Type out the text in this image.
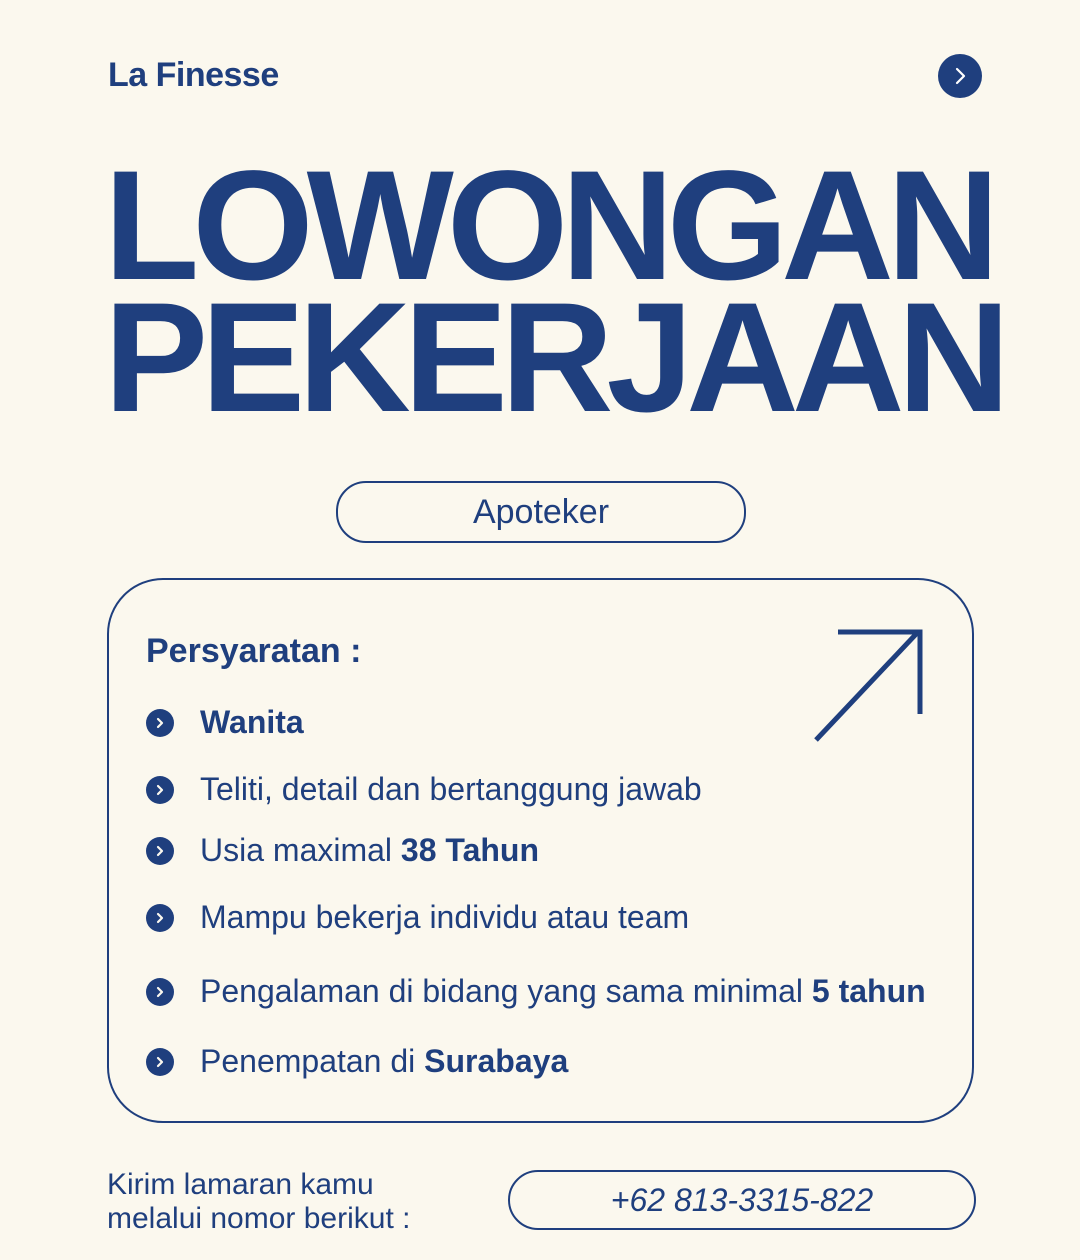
La Finesse
LOWONGAN
PEKERJAAN
Apoteker
Persyaratan :
Wanita
Teliti, detail dan bertanggung jawab
Usia maximal 38 Tahun
Mampu bekerja individu atau team
Pengalaman di bidang yang sama minimal 5 tahun
Penempatan di Surabaya
Kirim lamaran kamu
melalui nomor berikut :
+62 813-3315-822
